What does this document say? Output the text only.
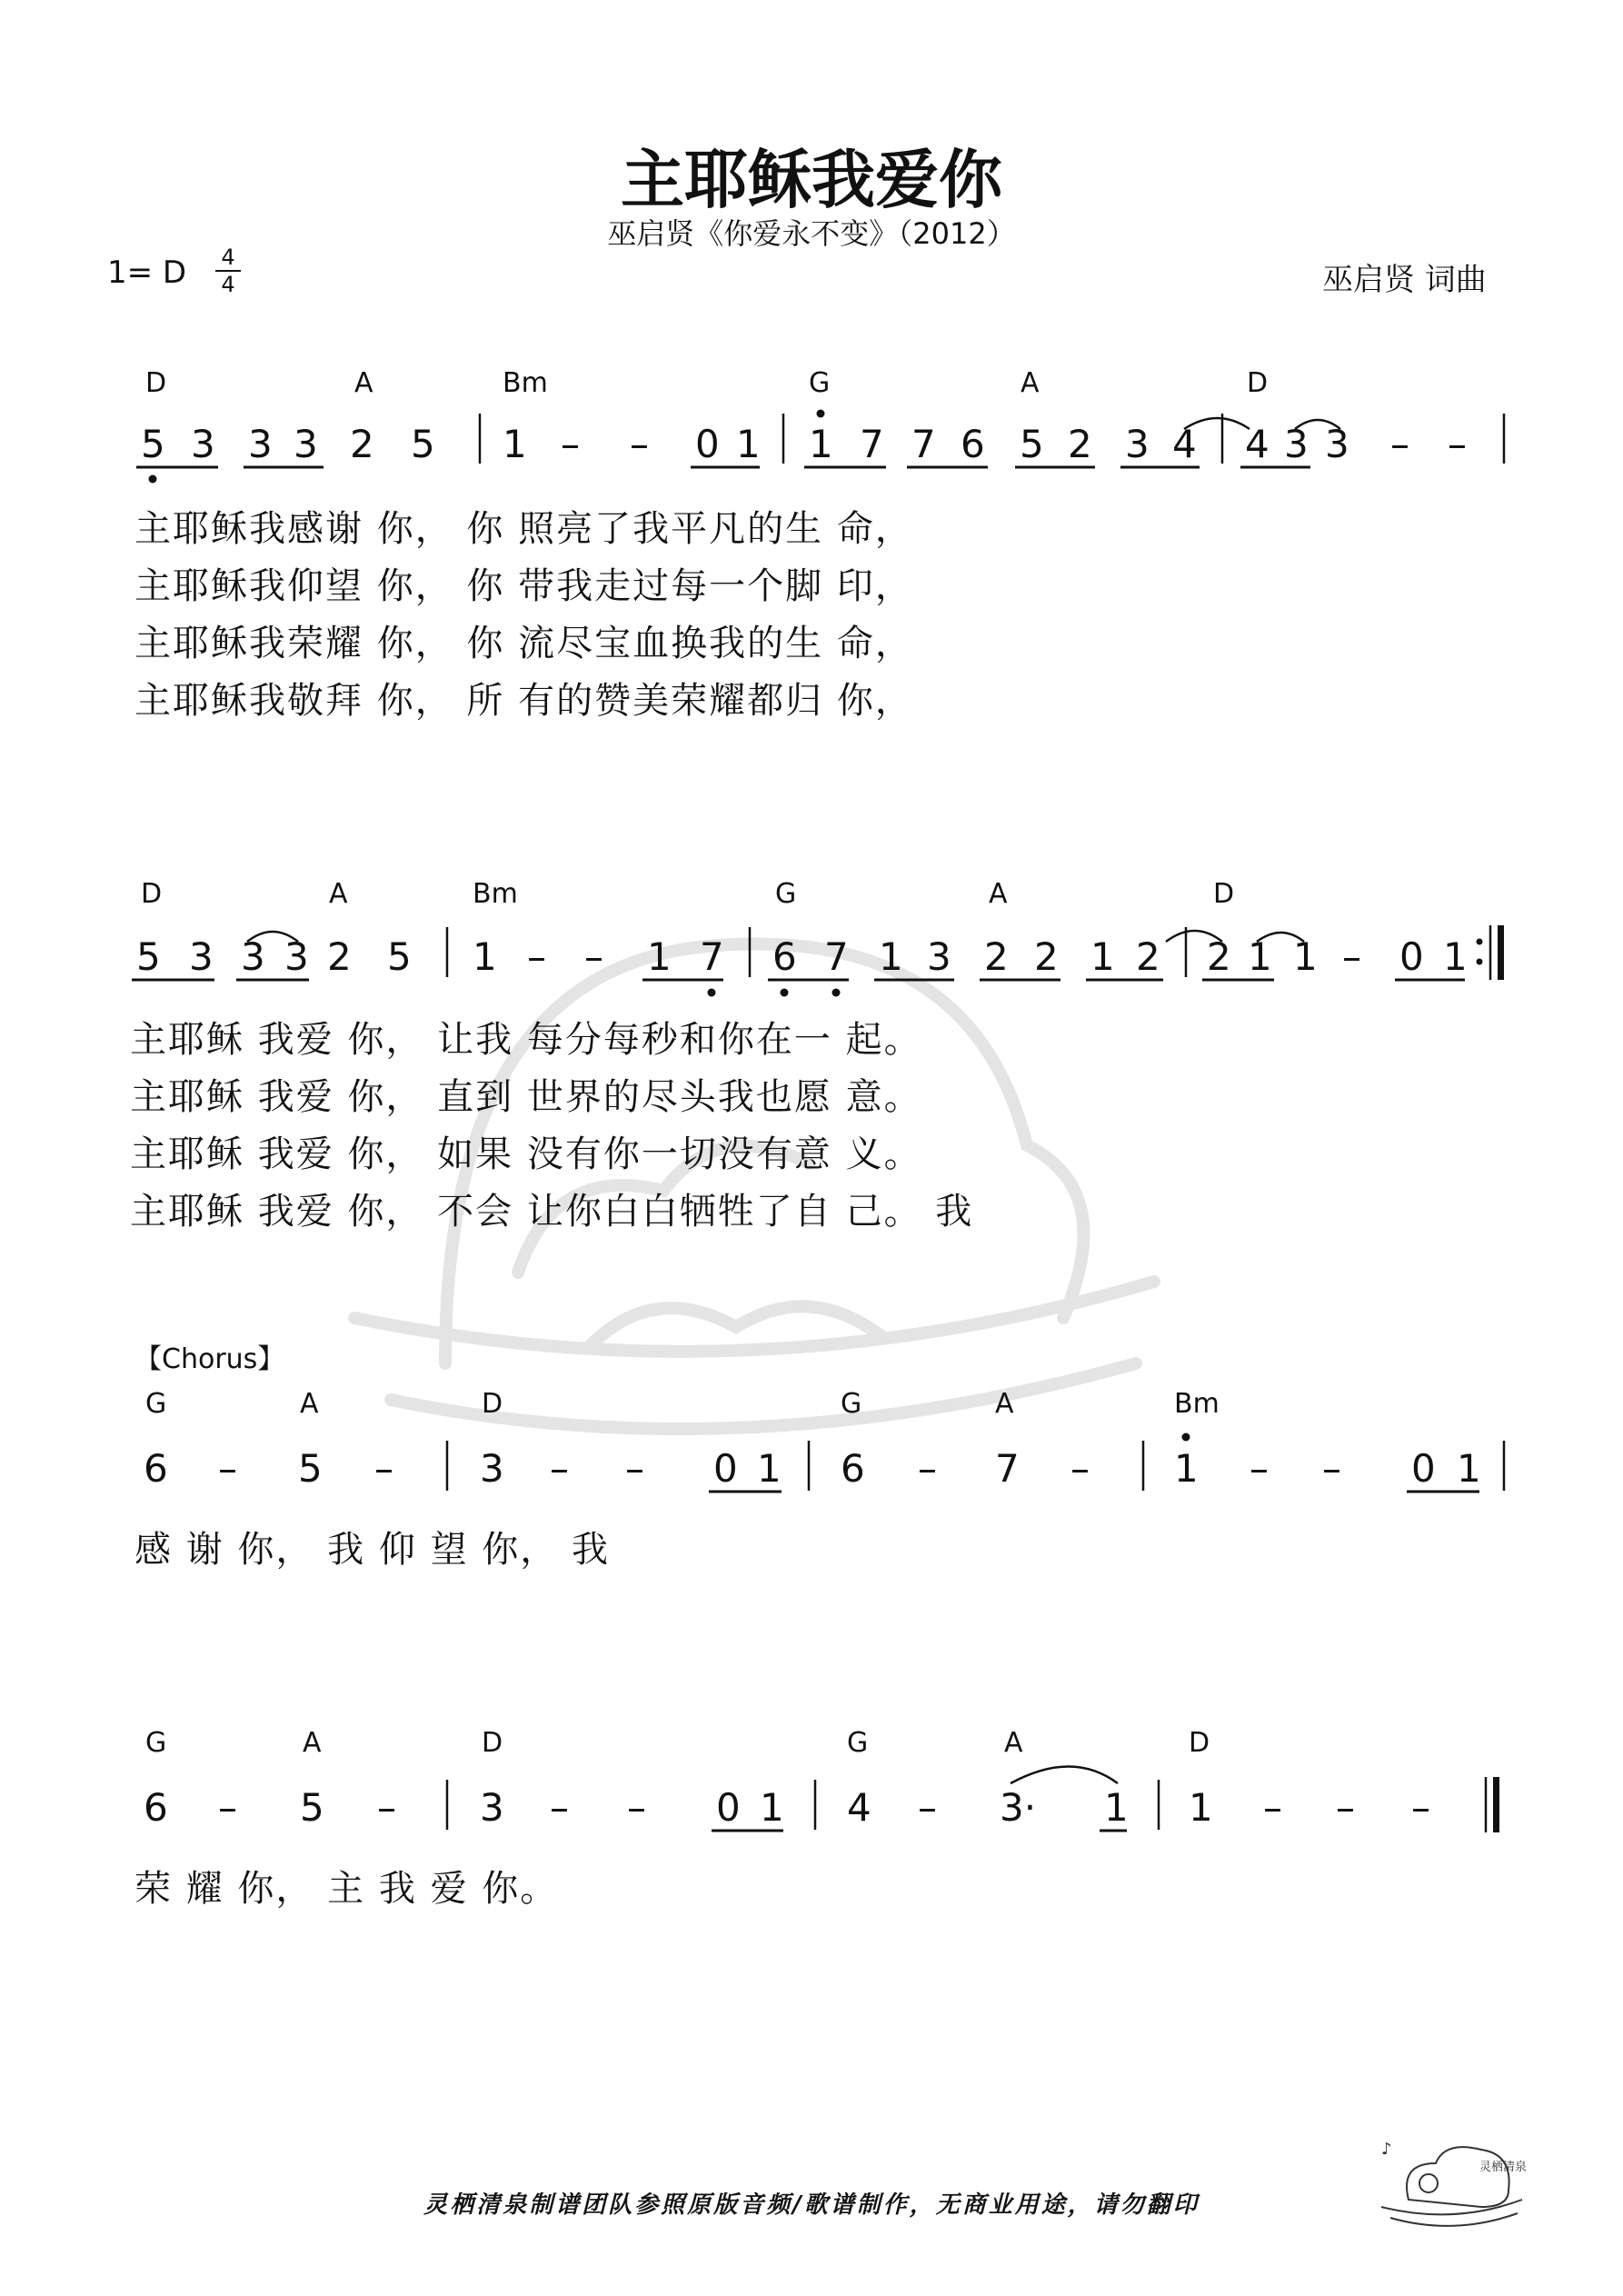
主耶稣我爱你
巫启贤《你爱永不变》（2012）
1= D	4
4	巫启贤 词曲
D	A	Bm	G	A	D
D	A	Bm	G	A	D
【Chorus】
G	A	D	G	A	Bm
G	A	D	G	A	D
5 3 3 3 2 5 1 – – 0 1 1 7 7 6 5 2 3 4 4 3 3 – –
5 3 3 3 2 5 1 – – 1 7 6 7 1 3 2 2 1 2 2 1 1 – 0 1
6 – 5 – 3 – – 0 1 6 – 7 – 1 – – 0 1
6 – 5 – 3 – – 0 1 4 – 3· 1 1 – – –
主耶稣我感谢 你， 你 照亮了我平凡的生 命，
主耶稣我仰望 你， 你 带我走过每一个脚 印，
主耶稣我荣耀 你， 你 流尽宝血换我的生 命，
主耶稣我敬拜 你， 所 有的赞美荣耀都归 你，
主耶稣 我爱 你， 让我 每分每秒和你在一 起。
主耶稣 我爱 你， 直到 世界的尽头我也愿 意。
主耶稣 我爱 你， 如果 没有你一切没有意 义。
主耶稣 我爱 你， 不会 让你白白牺牲了自 己。 我
感 谢 你， 我 仰 望 你， 我
荣 耀 你， 主 我 爱 你。
灵栖清泉制谱团队参照原版音频/歌谱制作，无商业用途，请勿翻印
♪
灵栖清泉
